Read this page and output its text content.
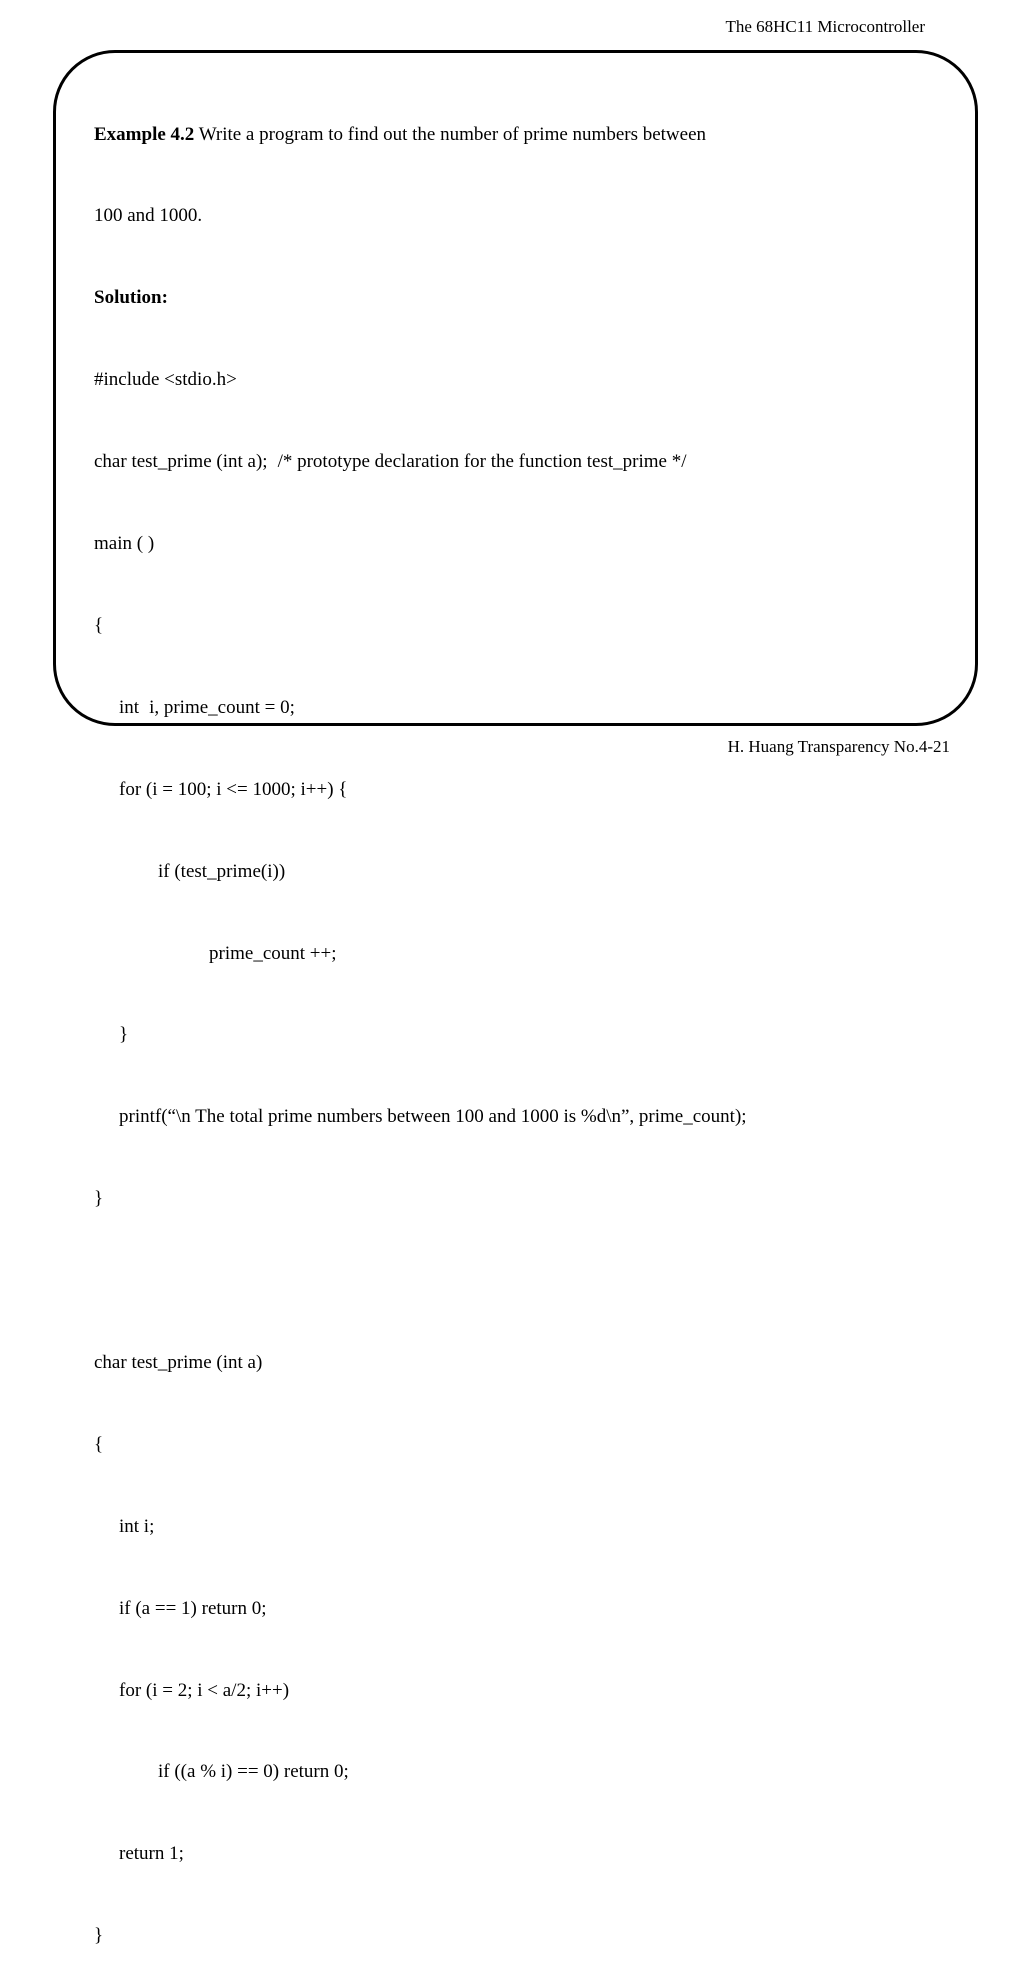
The 68HC11 Microcontroller

Example 4.2 Write a program to find out the number of prime numbers between

100 and 1000.

Solution:

#include <stdio.h>

char test_prime (int a); /* prototype declaration for the function test_prime */

main ( )

{

int i, prime_count = 0;

for (i = 100; i <= 1000; i++) {

if (test_prime(i))

prime_count ++;

}

printf(“\n The total prime numbers between 100 and 1000 is %d\n”, prime_count);

}

char test_prime (int a)

{

int i;

if (a == 1) return 0;

for (i = 2; i < a/2; i++)

if ((a % i) == 0) return 0;

return 1;

}

H. Huang Transparency No.4-21
